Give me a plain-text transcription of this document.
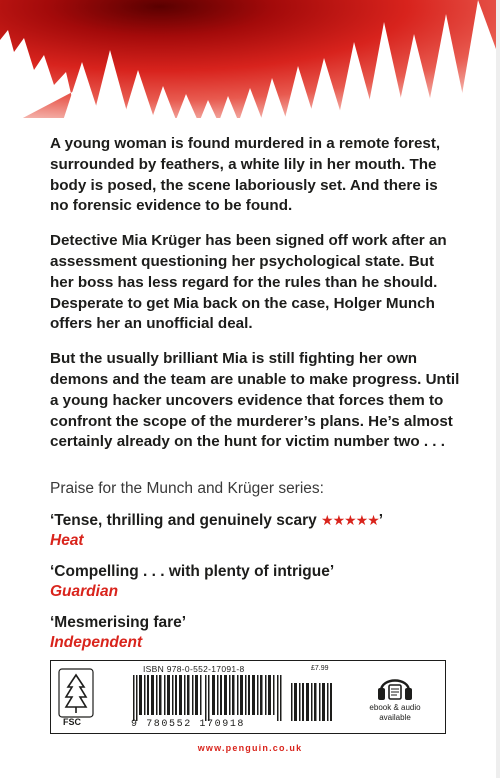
A young woman is found murdered in a remote forest, surrounded by feathers, a white lily in her mouth. The body is posed, the scene laboriously set. And there is no forensic evidence to be found.

Detective Mia Krüger has been signed off work after an assessment questioning her psychological state. But her boss has less regard for the rules than he should. Desperate to get Mia back on the case, Holger Munch offers her an unofficial deal.

But the usually brilliant Mia is still fighting her own demons and the team are unable to make progress. Until a young hacker uncovers evidence that forces them to confront the scope of the murderer’s plans. He’s almost certainly already on the hunt for victim number two . . .

Praise for the Munch and Krüger series:
‘Tense, thrilling and genuinely scary ★★★★★’
Heat
‘Compelling . . . with plenty of intrigue’
Guardian
‘Mesmerising fare’
Independent
FSC
ISBN 978-0-552-17091-8
9 780552 170918
£7.99
ebook & audio
available
www.penguin.co.uk
